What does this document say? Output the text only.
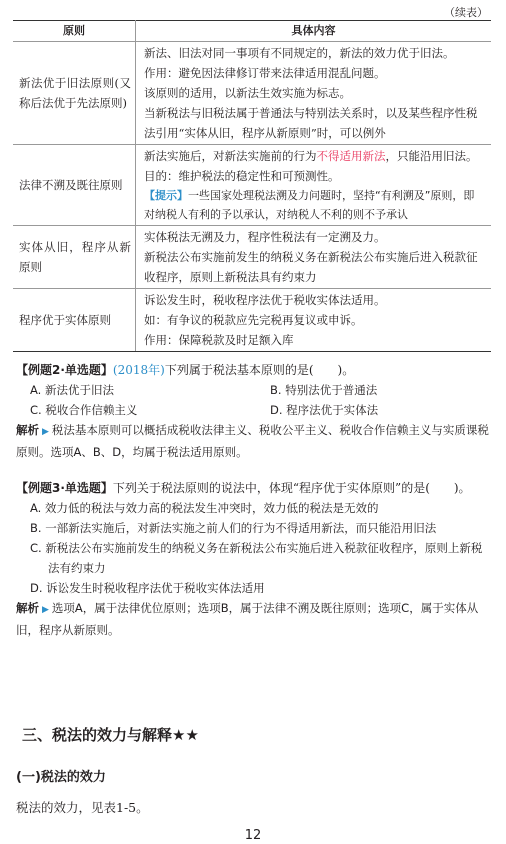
（续表）
原则	具体内容
新法优于旧法原则(又称后法优于先法原则)	新法、旧法对同一事项有不同规定的，新法的效力优于旧法。
作用：避免因法律修订带来法律适用混乱问题。
该原则的适用，以新法生效实施为标志。
当新税法与旧税法属于普通法与特别法关系时，以及某些程序性税
法引用“实体从旧，程序从新原则”时，可以例外

法律不溯及既往原则	新法实施后，对新法实施前的行为不得适用新法，只能沿用旧法。
目的：维护税法的稳定性和可预测性。
【提示】一些国家处理税法溯及力问题时，坚持“有利溯及”原则，即对纳税人有利的予以承认，对纳税人不利的则不予承认

实体从旧，程序从新原则	实体税法无溯及力，程序性税法有一定溯及力。
新税法公布实施前发生的纳税义务在新税法公布实施后进入税款征
收程序，原则上新税法具有约束力

程序优于实体原则	诉讼发生时，税收程序法优于税收实体法适用。
如：有争议的税款应先完税再复议或申诉。
作用：保障税款及时足额入库
【例题2·单选题】(2018年)下列属于税法基本原则的是(　　)。
A. 新法优于旧法	B. 特别法优于普通法
C. 税收合作信赖主义	D. 程序法优于实体法
解析 ▶ 税法基本原则可以概括成税收法律主义、税收公平主义、税收合作信赖主义与实质课税原则。选项A、B、D，均属于税法适用原则。
【例题3·单选题】下列关于税法原则的说法中，体现“程序优于实体原则”的是(　　)。
A. 效力低的税法与效力高的税法发生冲突时，效力低的税法是无效的
B. 一部新法实施后，对新法实施之前人们的行为不得适用新法，而只能沿用旧法
C. 新税法公布实施前发生的纳税义务在新税法公布实施后进入税款征收程序，原则上新税法有约束力
D. 诉讼发生时税收程序法优于税收实体法适用
解析 ▶ 选项A，属于法律优位原则；选项B，属于法律不溯及既往原则；选项C，属于实体从旧，程序从新原则。
三、税法的效力与解释★★
(一)税法的效力
税法的效力，见表1-5。
12
